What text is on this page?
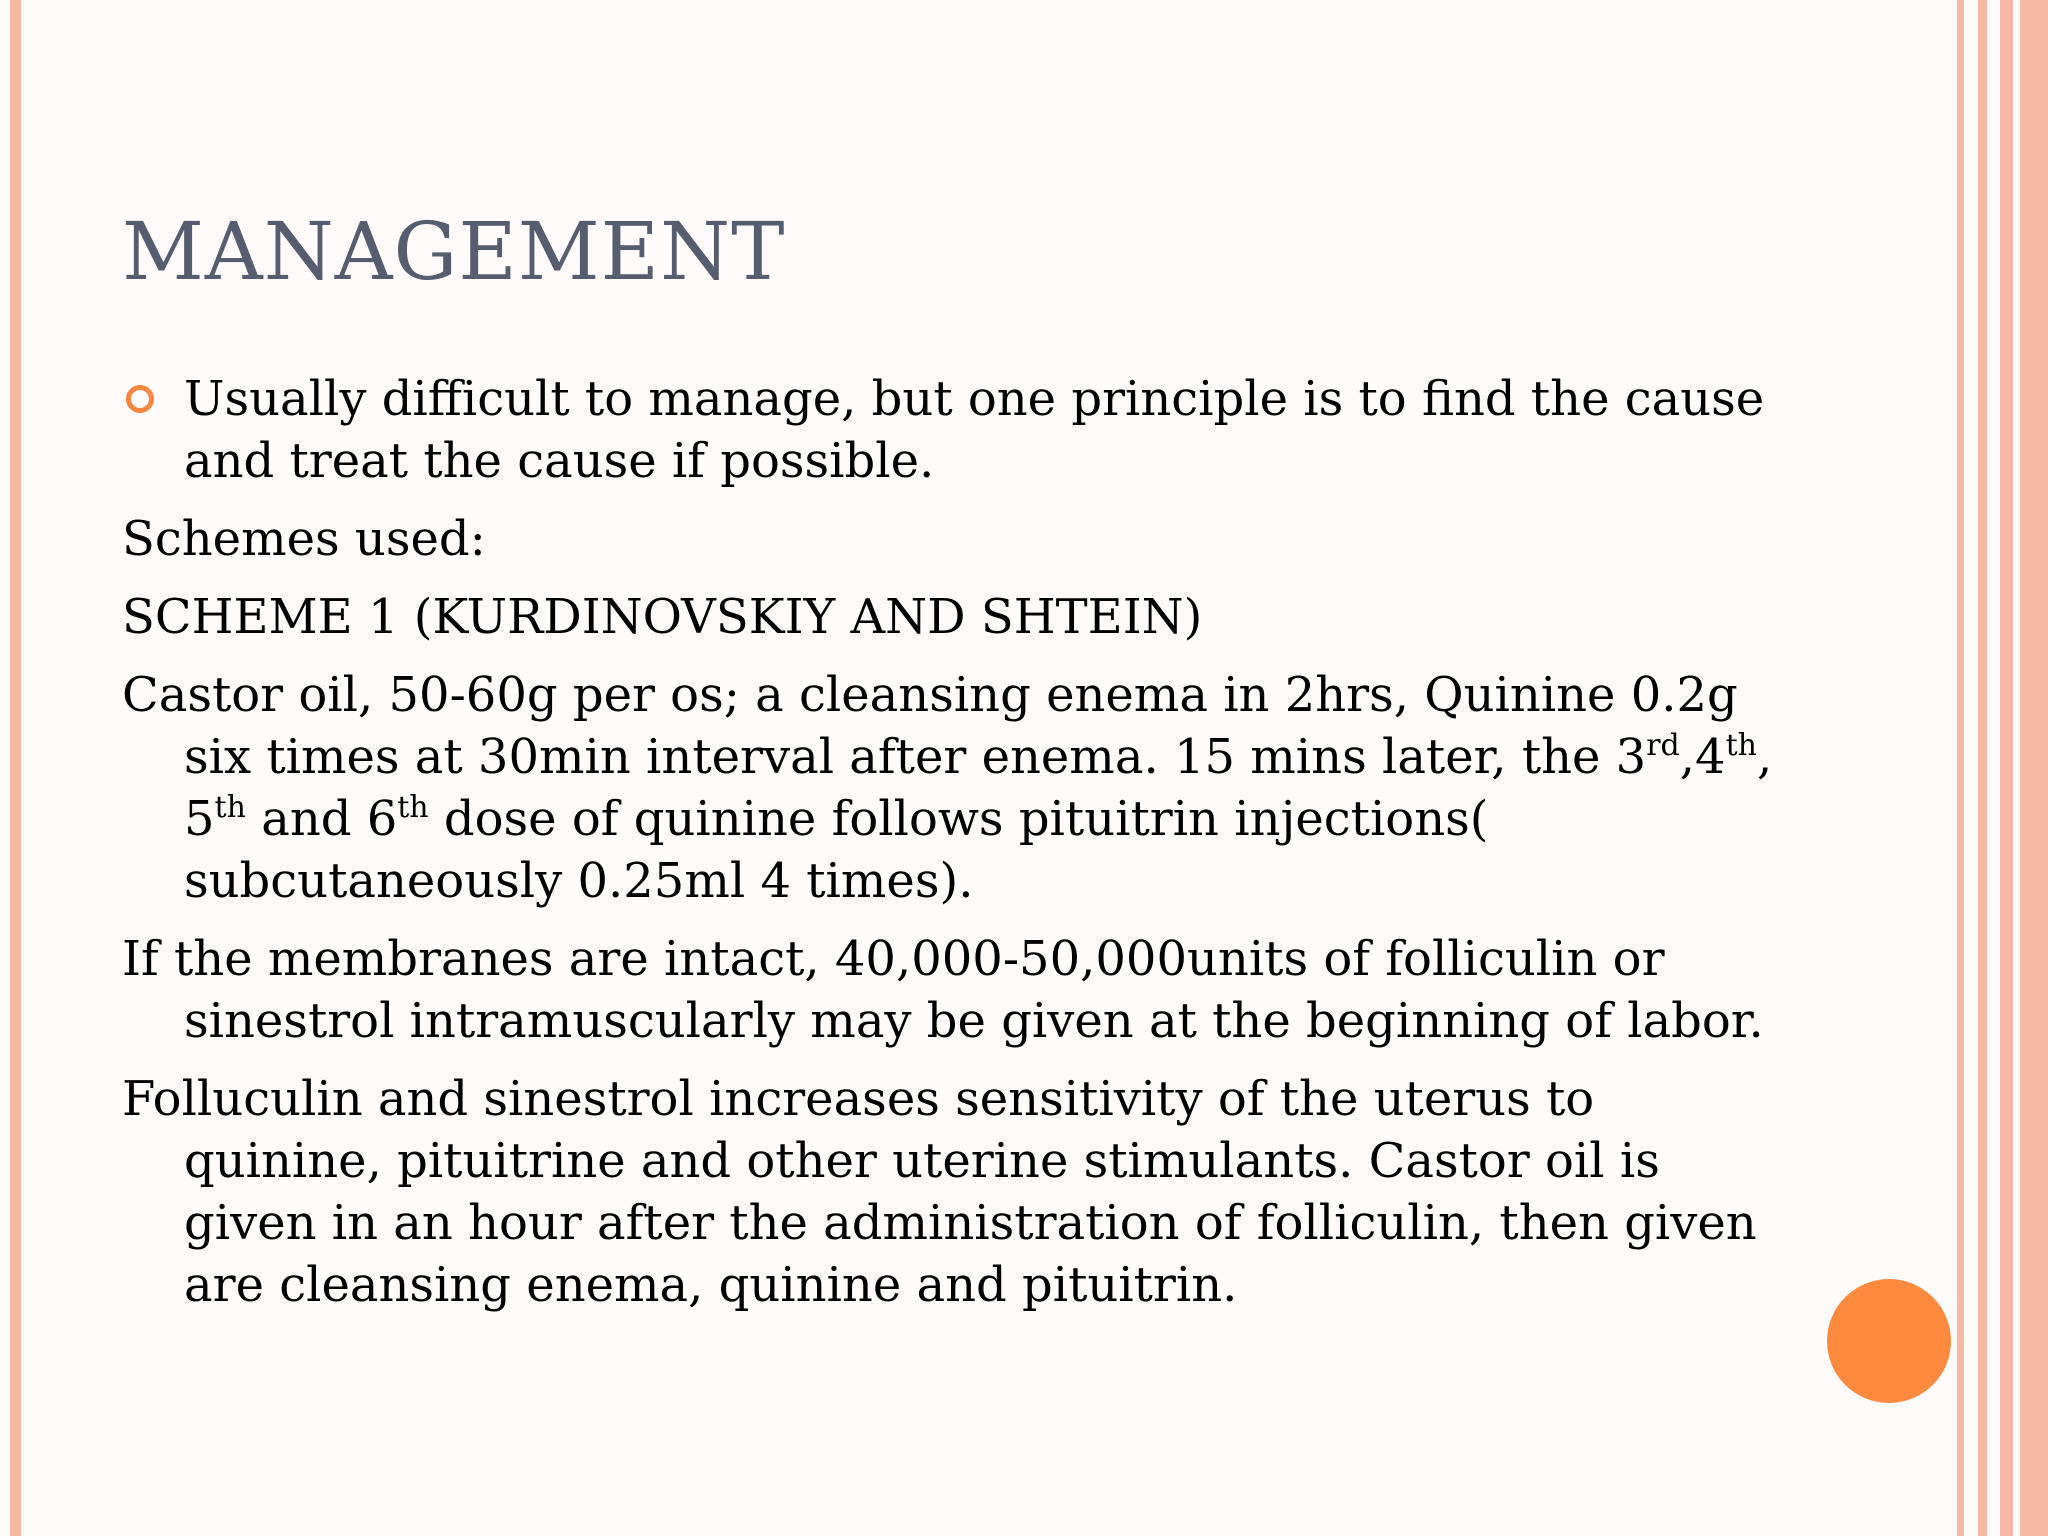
MANAGEMENT
Usually difficult to manage, but one principle is to find the cause and treat the cause if possible.

Schemes used:

SCHEME 1 (KURDINOVSKIY AND SHTEIN)

Castor oil, 50-60g per os; a cleansing enema in 2hrs, Quinine 0.2g six times at 30min interval after enema. 15 mins later, the 3rd,4th, 5th and 6th dose of quinine follows pituitrin injections( subcutaneously 0.25ml 4 times).

If the membranes are intact, 40,000-50,000units of folliculin or sinestrol intramuscularly may be given at the beginning of labor.

Folluculin and sinestrol increases sensitivity of the uterus to quinine, pituitrine and other uterine stimulants. Castor oil is given in an hour after the administration of folliculin, then given are cleansing enema, quinine and pituitrin.
